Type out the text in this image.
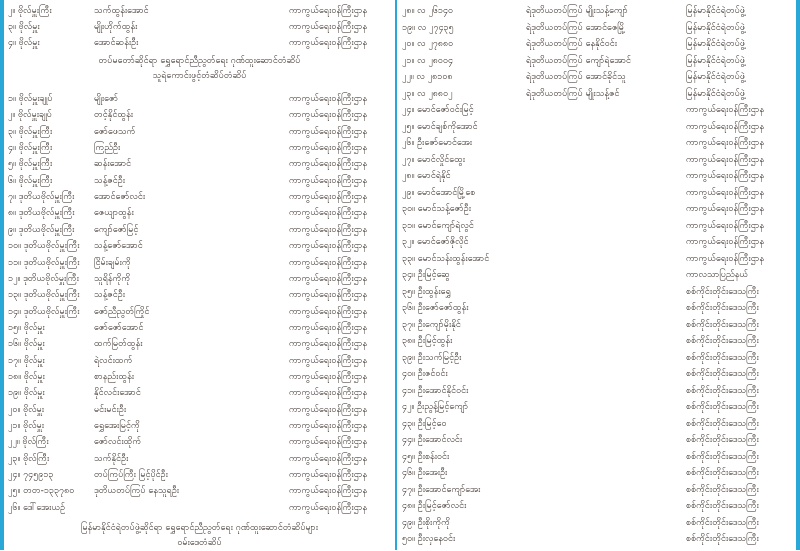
၂။ ဗိုလ်မှူးကြီး	သက်ထွန်းအောင်	ကာကွယ်ရေးဝန်ကြီးဌာန
၃။ ဗိုလ်မှူး	မျိုးဟိုက်ထွန်း	ကာကွယ်ရေးဝန်ကြီးဌာန
၄။ ဗိုလ်မှူး	အောင်ဆန်းဦး	ကာကွယ်ရေးဝန်ကြီးဌာန
တပ်မတော်ဆိုင်ရာ ရွှေရောင်ညီညွတ်ရေး ဂုဏ်ထူးဆောင်တံဆိပ်
သူရဲကောင်းဖွင့်တံဆိပ်တံဆိပ်
၁။ ဗိုလ်မှူးချုပ်	မျိုးဇော်	ကာကွယ်ရေးဝန်ကြီးဌာန
၂။ ဗိုလ်မှူးချုပ်	တင့်နိုင်ထွန်း	ကာကွယ်ရေးဝန်ကြီးဌာန
၃။ ဗိုလ်မှူးကြီး	ဇော်ဖေသက်	ကာကွယ်ရေးဝန်ကြီးဌာန
၄။ ဗိုလ်မှူးကြီး	ကြည်ဦး	ကာကွယ်ရေးဝန်ကြီးဌာန
၅။ ဗိုလ်မှူးကြီး	ဆန်းအောင်	ကာကွယ်ရေးဝန်ကြီးဌာန
၆။ ဗိုလ်မှူးကြီး	သန့်ဇင်ဦး	ကာကွယ်ရေးဝန်ကြီးဌာန
၇။ ဒုတိယဗိုလ်မှူးကြီး	အောင်ဇော်လင်း	ကာကွယ်ရေးဝန်ကြီးဌာန
၈။ ဒုတိယဗိုလ်မှူးကြီး	ဇေယျာထွန်း	ကာကွယ်ရေးဝန်ကြီးဌာန
၉။ ဒုတိယဗိုလ်မှူးကြီး	ကျော်ဇော်မြင့်	ကာကွယ်ရေးဝန်ကြီးဌာန
၁၀။ ဒုတိယဗိုလ်မှူးကြီး	သန့်ဇော်အောင်	ကာကွယ်ရေးဝန်ကြီးဌာန
၁၁။ ဒုတိယဗိုလ်မှူးကြီး	ငြိမ်းချမ်းကို	ကာကွယ်ရေးဝန်ကြီးဌာန
၁၂။ ဒုတိယဗိုလ်မှူးကြီး	သူရိန်ကိုကို	ကာကွယ်ရေးဝန်ကြီးဌာန
၁၃။ ဒုတိယဗိုလ်မှူးကြီး	သန့်ဇင်ဦး	ကာကွယ်ရေးဝန်ကြီးဌာန
၁၄။ ဒုတိယဗိုလ်မှူးကြီး	ဇော်ညီညွတ်ကြိုင်	ကာကွယ်ရေးဝန်ကြီးဌာန
၁၅။ ဗိုလ်မှူး	ဇော်ဇော်အောင်	ကာကွယ်ရေးဝန်ကြီးဌာန
၁၆။ ဗိုလ်မှူး	ထက်မြတ်ထွန်း	ကာကွယ်ရေးဝန်ကြီးဌာန
၁၇။ ဗိုလ်မှူး	ရဲလင်းထက်	ကာကွယ်ရေးဝန်ကြီးဌာန
၁၈။ ဗိုလ်မှူး	စာနည်းထွန်း	ကာကွယ်ရေးဝန်ကြီးဌာန
၁၉။ ဗိုလ်မှူး	နိုင်လင်းအောင်	ကာကွယ်ရေးဝန်ကြီးဌာန
၂၀။ ဗိုလ်မှူး	မင်းမင်းဦး	ကာကွယ်ရေးဝန်ကြီးဌာန
၂၁။ ဗိုလ်မှူး	ရွှေအေးမြင့်ကို	ကာကွယ်ရေးဝန်ကြီးဌာန
၂၂။ ဗိုလ်ကြီး	ဇော်လင်းထိုက်	ကာကွယ်ရေးဝန်ကြီးဌာန
၂၃။ ဗိုလ်ကြီး	သက်နိုင်ဦး	ကာကွယ်ရေးဝန်ကြီးဌာန
၂၄။ ၇၄၅၉၁၃	တပ်ကြပ်ကြီး မြင့်ပိုင်ဦး	ကာကွယ်ရေးဝန်ကြီးဌာန
၂၅။ တတ-၁၃၃၇၈၀	ဒုတိယတပ်ကြပ် နေသူရဦး	ကာကွယ်ရေးဝန်ကြီးဌာန
၂၆။ ဒေါ်အေးယဉ်	ကာကွယ်ရေးဝန်ကြီးဌာန
မြန်မာနိုင်ငံရဲတပ်ဖွဲ့ဆိုင်ရာ ရွှေရောင်ညီညွတ်ရေး ဂုဏ်ထူးဆောင်တံဆိပ်များ
ဝမ်းဒေတံဆိပ်
၂၈။ လ ၂၆၁၄၀	ရဲဒုတိယတပ်ကြပ် မျိုးသန့်ကျော်	မြန်မာနိုင်ငံရဲတပ်ဖွဲ့
၁၉။ လ ၂၇၄၃၅	ရဲဒုတိယတပ်ကြပ် အောင်ဇေမြို့	မြန်မာနိုင်ငံရဲတပ်ဖွဲ့
၂၀။ လ ၂၇၈၈၀	ရဲဒုတိယတပ်ကြပ် နေနိုင်ဝင်း	မြန်မာနိုင်ငံရဲတပ်ဖွဲ့
၂၁။ လ ၂၈၀၀၄	ရဲဒုတိယတပ်ကြပ် ကျော်ရဲအောင်	မြန်မာနိုင်ငံရဲတပ်ဖွဲ့
၂၂။ လ ၂၈၁၀၈	ရဲဒုတိယတပ်ကြပ် အောင်ခိုင်သူ	မြန်မာနိုင်ငံရဲတပ်ဖွဲ့
၂၃။ လ ၂၈၈၀၂	ရဲဒုတိယတပ်ကြပ် မျိုးသန့်ဇင်	မြန်မာနိုင်ငံရဲတပ်ဖွဲ့
၂၄။ မောင်ဇော်ဝင်းမြင့်	ကာကွယ်ရေးဝန်ကြီးဌာန
၂၅။ မောင်ချစ်ကိုအောင်	ကာကွယ်ရေးဝန်ကြီးဌာန
၂၆။ ဦးဇော်မောင်အေး	ကာကွယ်ရေးဝန်ကြီးဌာန
၂၇။ မောင်လှိုင်ထွေး	ကာကွယ်ရေးဝန်ကြီးဌာန
၂၈။ မောင်ရဲနိုင်	ကာကွယ်ရေးဝန်ကြီးဌာန
၂၉။ မောင်အောင်မြို့စေ	ကာကွယ်ရေးဝန်ကြီးဌာန
၃၀။ မောင်သန့်ဇော်ဦး	ကာကွယ်ရေးဝန်ကြီးဌာန
၃၁။ မောင်ကျော်ရဲလွင်	ကာကွယ်ရေးဝန်ကြီးဌာန
၃၂။ မောင်ဇော်ဇိုလိုင်	ကာကွယ်ရေးဝန်ကြီးဌာန
၃၃။ မောင်သန်းထွန်းအောင်	ကာကွယ်ရေးဝန်ကြီးဌာန
၃၄။ ဦးမြင့်ဆွေ	ကာလသာပြည်နယ်
၃၅။ ဦးထွန်းရွှေ	စစ်ကိုင်းတိုင်းဒေသကြီး
၃၆။ ဦးဇော်ဇော်ထွန်း	စစ်ကိုင်းတိုင်းဒေသကြီး
၃၇။ ဦးကျော်မိုးနိုင်	စစ်ကိုင်းတိုင်းဒေသကြီး
၃၈။ ဦးမြင့်ထွန်း	စစ်ကိုင်းတိုင်းဒေသကြီး
၃၉။ ဦးသက်မြင့်ဦး	စစ်ကိုင်းတိုင်းဒေသကြီး
၄၀။ ဦးဇင်ဝင်း	စစ်ကိုင်းတိုင်းဒေသကြီး
၄၁။ ဦးအောင်နိုင်ဝင်း	စစ်ကိုင်းတိုင်းဒေသကြီး
၄၂။ ဦးညွန့်မြင့်ကျော်	စစ်ကိုင်းတိုင်းဒေသကြီး
၄၃။ ဦးမြင့်ဝေ	စစ်ကိုင်းတိုင်းဒေသကြီး
၄၄။ ဦးအောင်လင်း	စစ်ကိုင်းတိုင်းဒေသကြီး
၄၅။ ဦးစန်းဝင်း	စစ်ကိုင်းတိုင်းဒေသကြီး
၄၆။ ဦးအေးဦး	စစ်ကိုင်းတိုင်းဒေသကြီး
၄၇။ ဦးအောင်ကျော်အေး	စစ်ကိုင်းတိုင်းဒေသကြီး
၄၈။ ဦးမြင့်ဇော်လင်း	စစ်ကိုင်းတိုင်းဒေသကြီး
၄၉။ ဦးစိုးကိုကို	စစ်ကိုင်းတိုင်းဒေသကြီး
၅၀။ ဦးလှနေဝင်း	စစ်ကိုင်းတိုင်းဒေသကြီး
